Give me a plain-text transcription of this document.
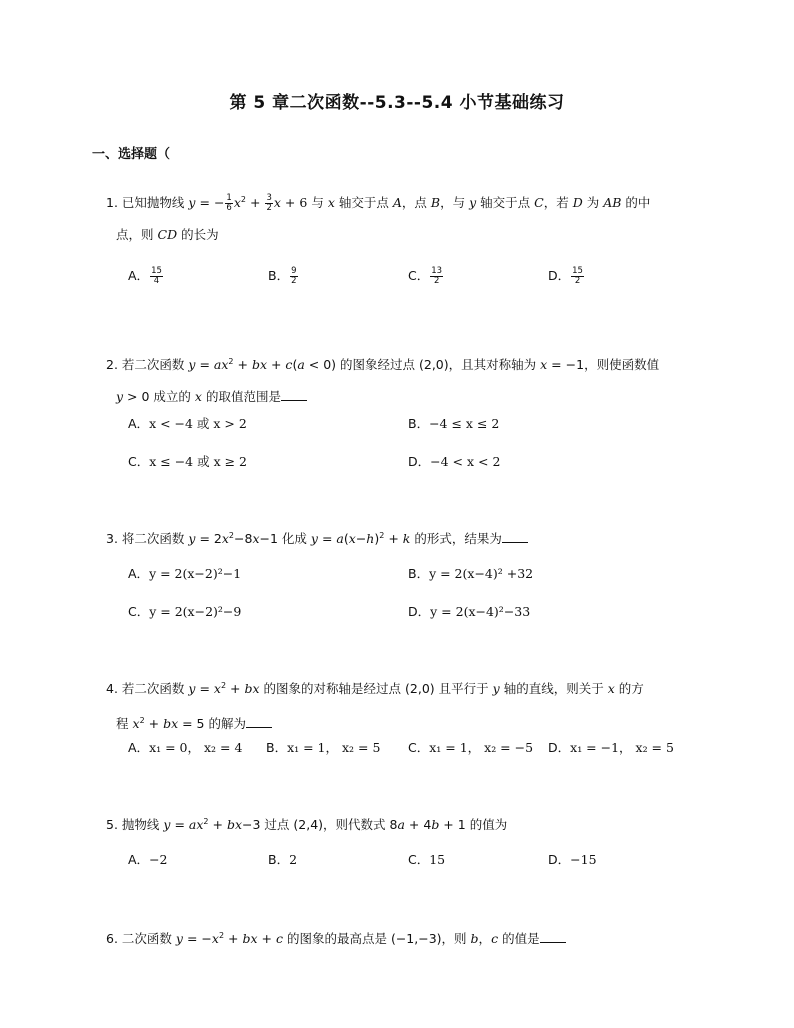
第 5 章二次函数--5.3--5.4 小节基础练习
一、选择题（
1. 已知抛物线 y = − $\frac{1}{6} x^2 + \frac{3}{2}$ x + 6 与 x 轴交于点 A，点 B，与 y 轴交于点 C，若 D 为 AB 的中
点，则 CD 的长为
A． $\frac{15}{4}$	B． $\frac{9}{2}$	C． $\frac{13}{2}$	D． $\frac{15}{2}$
2. 若二次函数 $y = ax^2$ + bx + c(a < 0) 的图象经过点 (2,0)，且其对称轴为 x = −1，则使函数值
y > 0 成立的 x 的取值范围是
A．x < −4 或 x > 2	B．−4 ≤ x ≤ 2
C．x ≤ −4 或 x ≥ 2	D．−4 < x < 2
3. 将二次函数 $y = 2x^2-8x-1$ 化成 $y = a(x-h)^2 + k$ 的形式，结果为
A．y = 2(x−2)²−1	B．y = 2(x−4)² +32
C．y = 2(x−2)²−9	D．y = 2(x−4)²−33
4. 若二次函数 $y = x^2$ + bx 的图象的对称轴是经过点 (2,0) 且平行于 y 轴的直线，则关于 x 的方
程 $x^2$ + bx = 5 的解为
A．x₁ = 0， x₂ = 4 B．x₁ = 1， x₂ = 5 C．x₁ = 1， x₂ = −5 D．x₁ = −1， x₂ = 5
5. 抛物线 $y = ax^2 + bx-3$ 过点 (2,4)，则代数式 8a + 4b + 1 的值为
A．−2	B．2	C．15	D．−15
6. 二次函数 $y = -x^2$ + bx + c 的图象的最高点是 (−1,−3)，则 b，c 的值是
